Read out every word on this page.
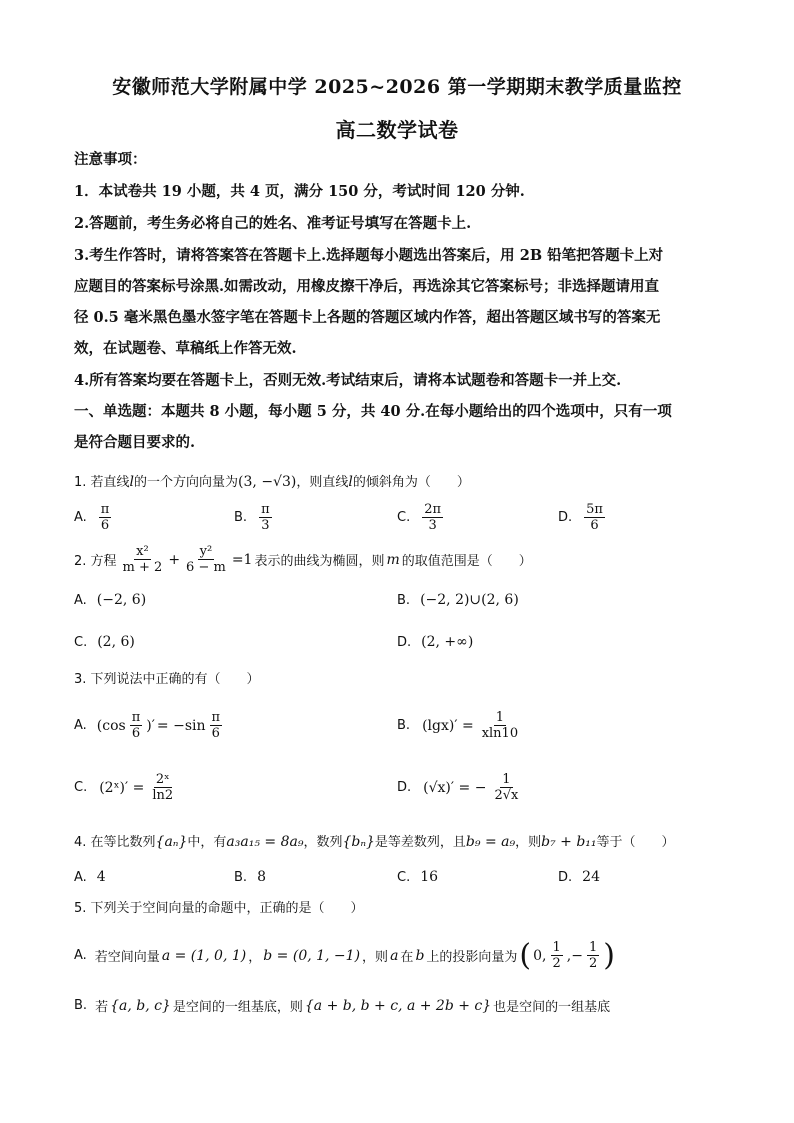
安徽师范大学附属中学 2025~2026 第一学期期末教学质量监控
高二数学试卷
注意事项：
1．本试卷共 19 小题，共 4 页，满分 150 分，考试时间 120 分钟.
2.答题前，考生务必将自己的姓名、准考证号填写在答题卡上.
3.考生作答时，请将答案答在答题卡上.选择题每小题选出答案后，用 2B 铅笔把答题卡上对
应题目的答案标号涂黑.如需改动，用橡皮擦干净后，再选涂其它答案标号；非选择题请用直
径 0.5 毫米黑色墨水签字笔在答题卡上各题的答题区域内作答，超出答题区域书写的答案无
效，在试题卷、草稿纸上作答无效.
4.所有答案均要在答题卡上，否则无效.考试结束后，请将本试题卷和答题卡一并上交.
一、单选题：本题共 8 小题，每小题 5 分，共 40 分.在每小题给出的四个选项中，只有一项
是符合题目要求的.
1. 若直线l的一个方向向量为(3, −√3)，则直线l的倾斜角为（　　）
A. $\frac{\pi}{6}$	B. $\frac{\pi}{3}$	C. $\frac{2\pi}{3}$	D. $\frac{5\pi}{6}$
2. 方程 $\frac{\text{x²}}{m + 2} + \frac{\text{y²}}{6 - m} =1$ 表示的曲线为椭圆，则 m 的取值范围是（　　）
A. (−2, 6)	B. (−2, 2)∪(2, 6)
C. (2, 6)	D. (2, +∞)
3. 下列说法中正确的有（　　）
A. ($\cos \frac{\pi}{6}$ )′ = $-\sin \frac{\pi}{6}$	B. $(\lg x)' = \frac{1}{xln10}$
C. (2ˣ)′ = $\frac{\text{2ˣ}}{\ln 2}$	D. (√x)′ = − $\frac{1}{2√x}$
4. 在等比数列{aₙ}中，有a₃a₁₅ = 8a₉，数列{bₙ}是等差数列，且b₉ = a₉，则b₇ + b₁₁等于（　　）
A. 4	B. 8	C. 16	D. 24
5. 下列关于空间向量的命题中，正确的是（　　）
A. 若空间向量 a = (1, 0, 1) ， b = (0, 1, −1) ，则 a 在 b 上的投影向量为 ( 0, $\frac{1}{2}$ ,− $\frac{1}{2}$ )
B. 若 {a, b, c} 是空间的一组基底，则 {a + b, b + c, a + 2b + c} 也是空间的一组基底
